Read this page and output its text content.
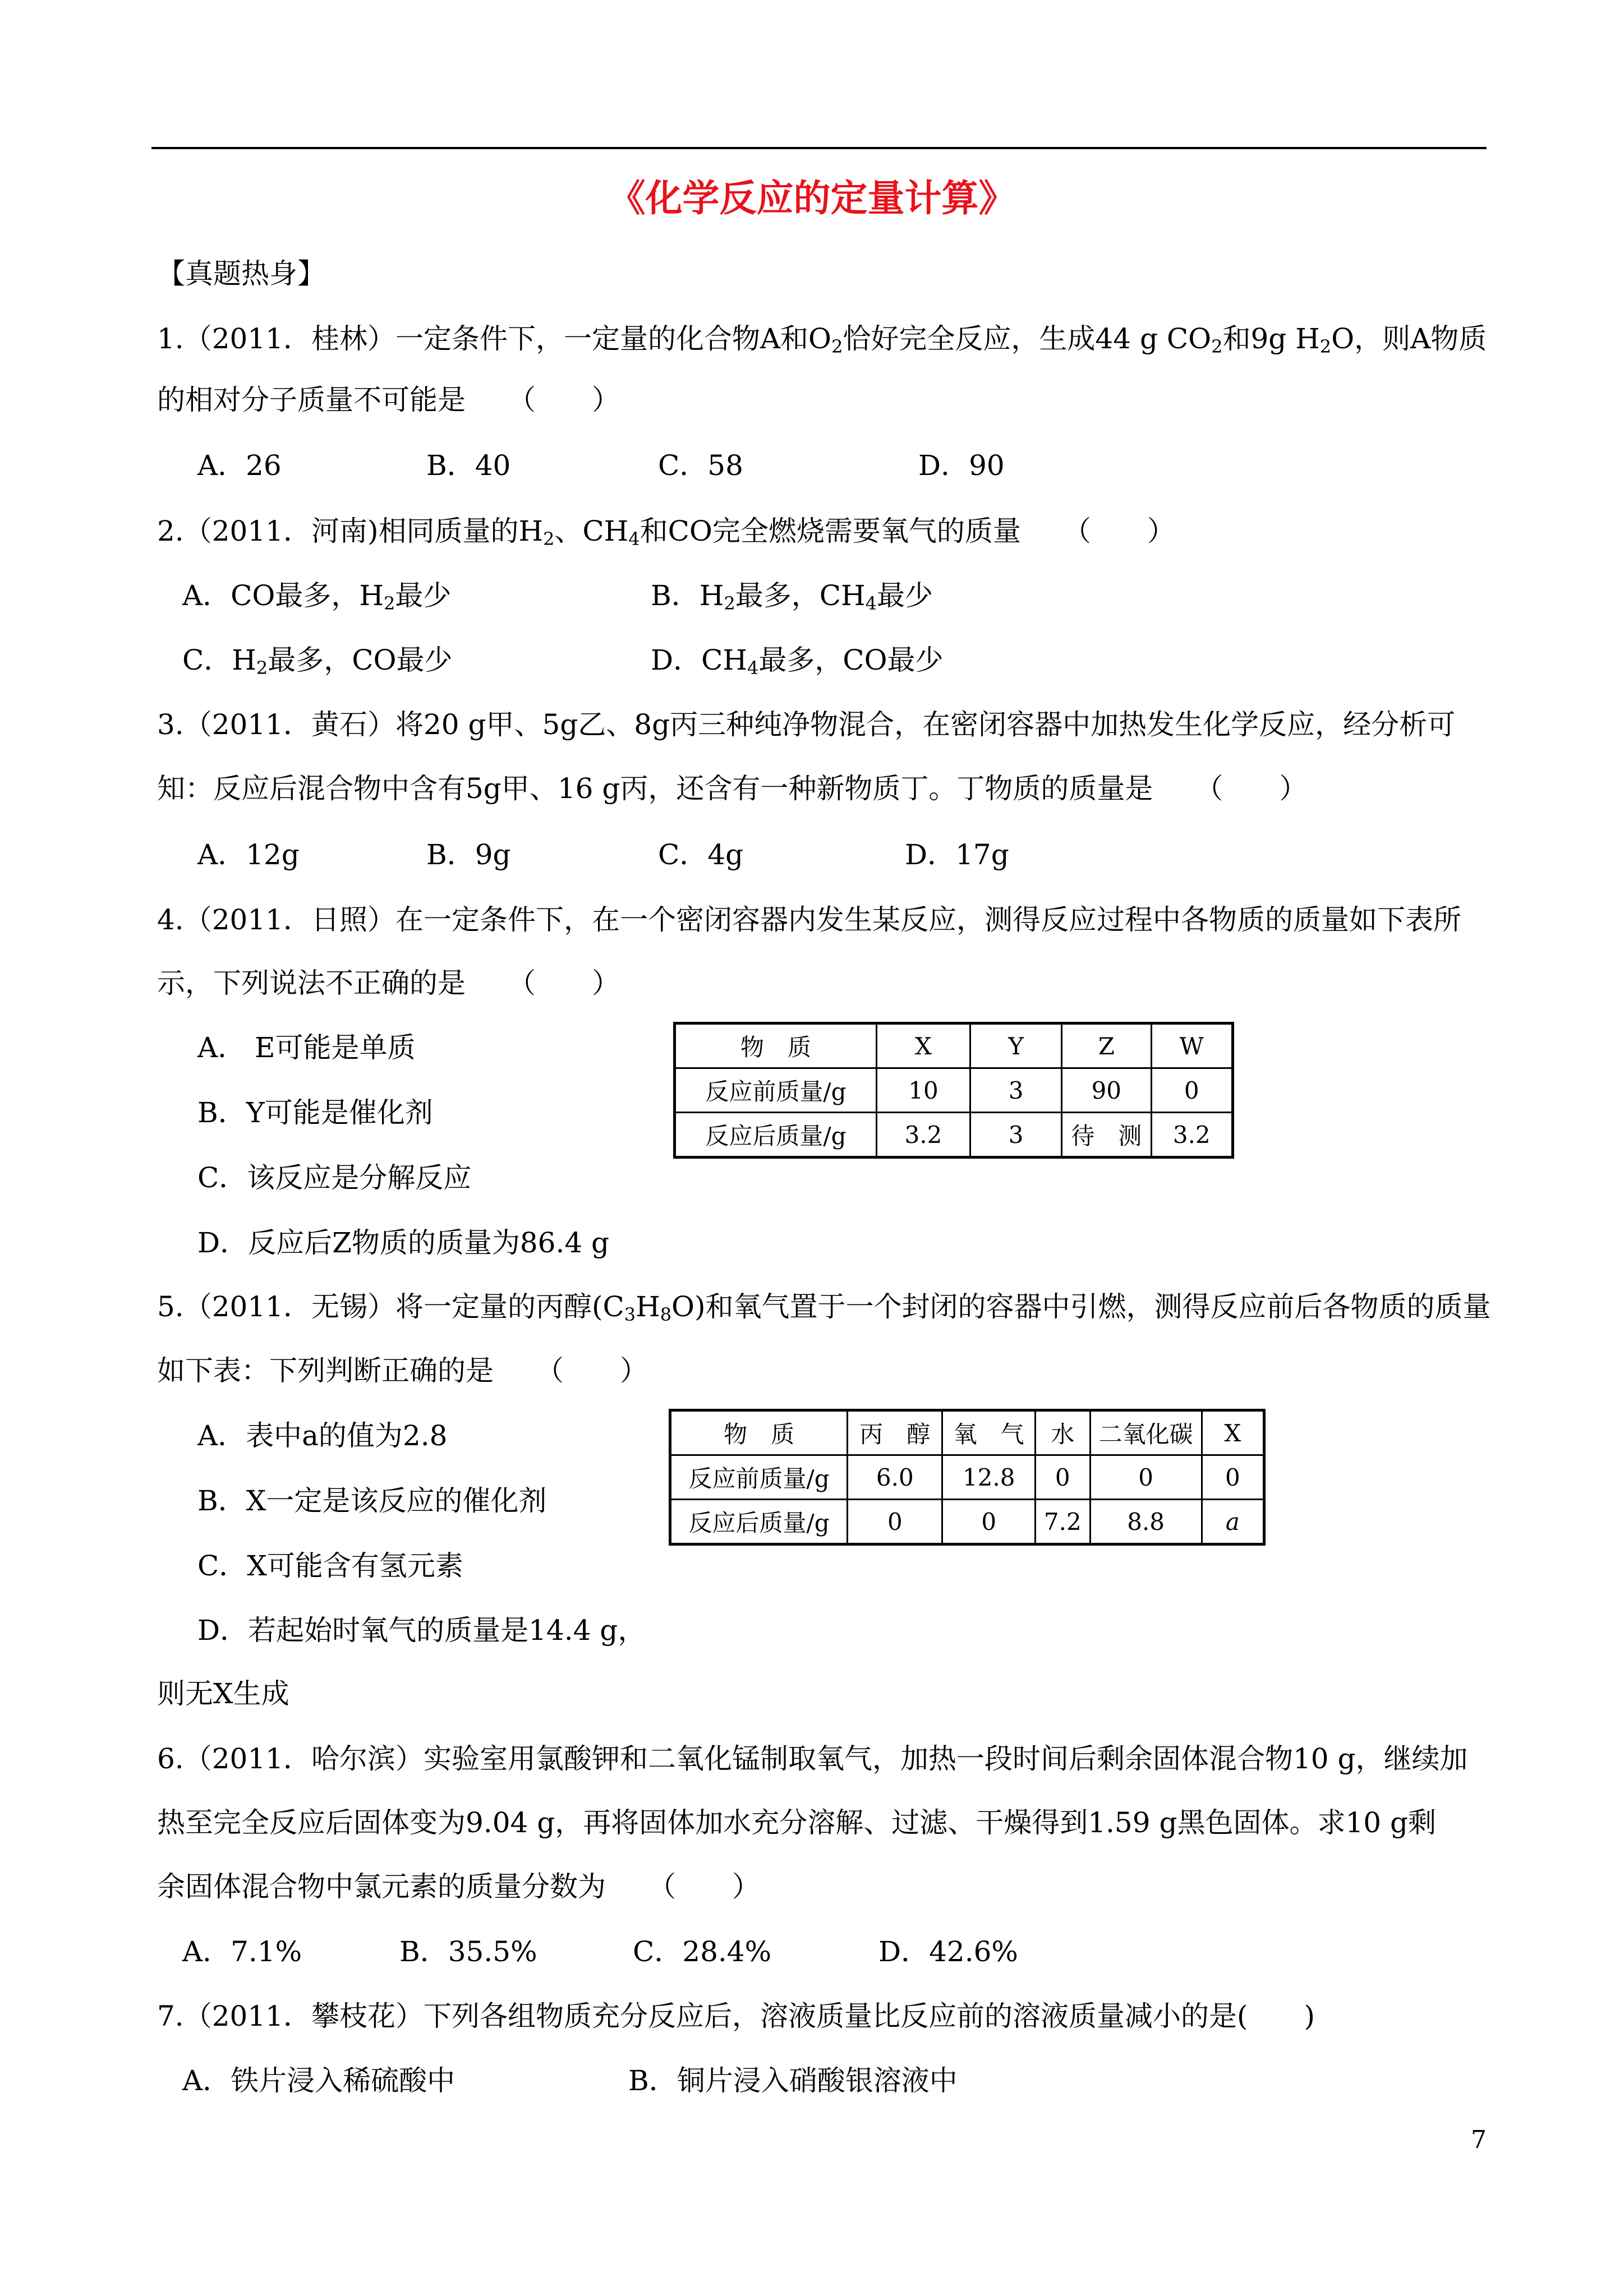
《化学反应的定量计算》
【真题热身】
1.（2011．桂林）一定条件下，一定量的化合物A和$O_2$恰好完全反应，生成44 g $CO_2$和9g $H_2O$，则A物质
的相对分子质量不可能是　　（　　）
A．26	B．40	C．58	D．90
2.（2011．河南)相同质量的$H_2$、$CH_4$和CO完全燃烧需要氧气的质量　　（　　）
A．CO最多，$H_2$最少	B．$H_2$最多，$CH_4$最少
C．$H_2$最多，CO最少	D．$CH_4$最多，CO最少
3.（2011．黄石）将20 g甲、5g乙、8g丙三种纯净物混合，在密闭容器中加热发生化学反应，经分析可
知：反应后混合物中含有5g甲、16 g丙，还含有一种新物质丁。丁物质的质量是　　（　　）
A．12g	B．9g	C．4g	D．17g
4.（2011．日照）在一定条件下，在一个密闭容器内发生某反应，测得反应过程中各物质的质量如下表所
示，下列说法不正确的是　　（　　）
A． E可能是单质
B．Y可能是催化剂
C．该反应是分解反应
D．反应后Z物质的质量为86.4 g
物　质	X	Y	Z	W
反应前质量/g	10	3	90	0
反应后质量/g	3.2	3	待　测	3.2
5.（2011．无锡）将一定量的丙醇$(C_3H_8O)$和氧气置于一个封闭的容器中引燃，测得反应前后各物质的质量
如下表：下列判断正确的是　　（　　）
A．表中a的值为2.8
B．X一定是该反应的催化剂
C．X可能含有氢元素
D．若起始时氧气的质量是14.4 g，
则无X生成
物　质	丙　醇	氧　气	水	二氧化碳	X
反应前质量/g	6.0	12.8	0	0	0
反应后质量/g	0	0	7.2	8.8	a
6.（2011．哈尔滨）实验室用氯酸钾和二氧化锰制取氧气，加热一段时间后剩余固体混合物10 g，继续加
热至完全反应后固体变为9.04 g，再将固体加水充分溶解、过滤、干燥得到1.59 g黑色固体。求10 g剩
余固体混合物中氯元素的质量分数为　　（　　）
A．7.1%	B．35.5%	C．28.4%	D．42.6%
7.（2011．攀枝花）下列各组物质充分反应后，溶液质量比反应前的溶液质量减小的是(　　)
A．铁片浸入稀硫酸中	B．铜片浸入硝酸银溶液中
7
